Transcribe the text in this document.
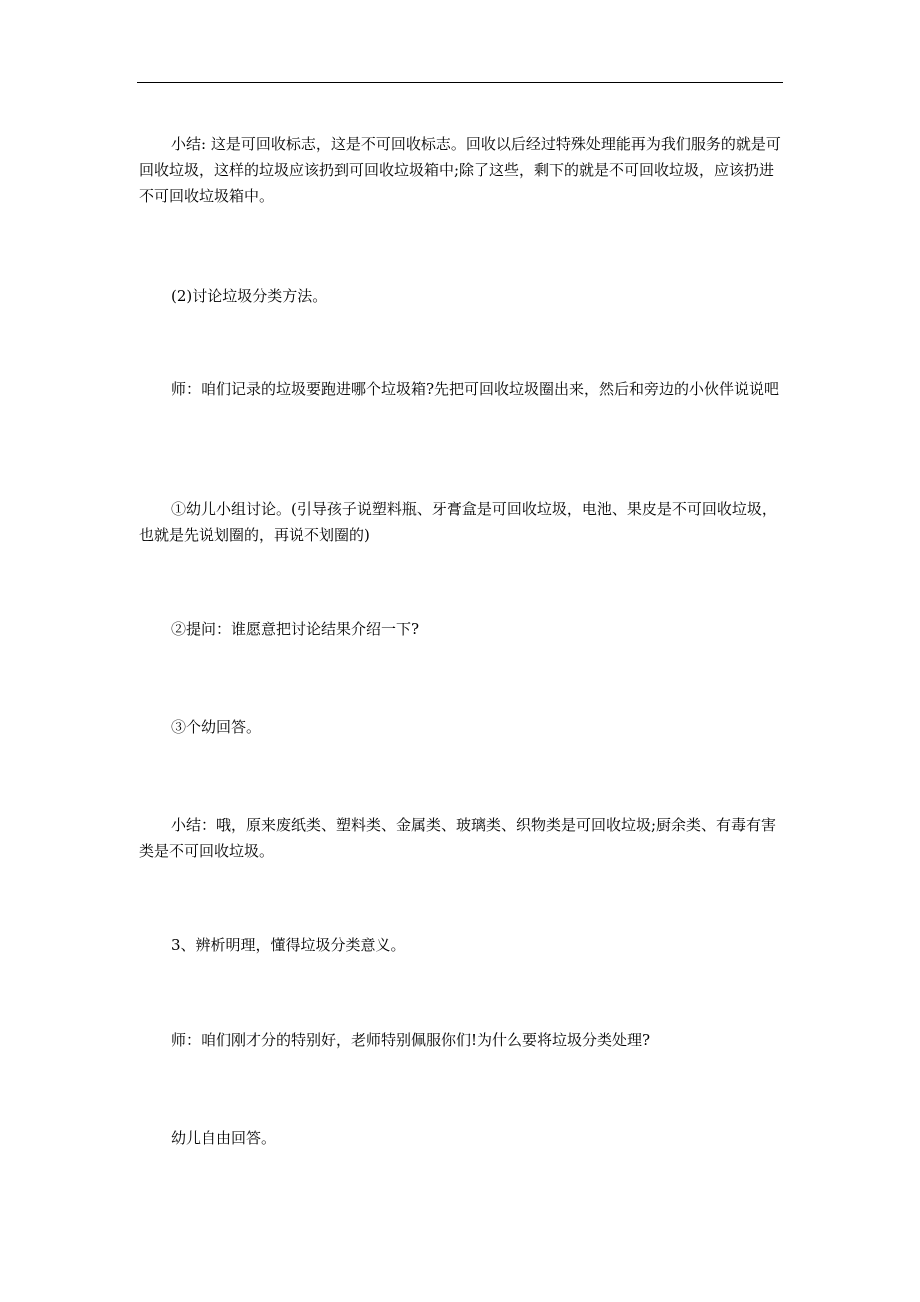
小结: 这是可回收标志，这是不可回收标志。回收以后经过特殊处理能再为我们服务的就是可回收垃圾，这样的垃圾应该扔到可回收垃圾箱中;除了这些，剩下的就是不可回收垃圾，应该扔进不可回收垃圾箱中。

(2)讨论垃圾分类方法。

师：咱们记录的垃圾要跑进哪个垃圾箱?先把可回收垃圾圈出来，然后和旁边的小伙伴说说吧

①幼儿小组讨论。(引导孩子说塑料瓶、牙膏盒是可回收垃圾，电池、果皮是不可回收垃圾，也就是先说划圈的，再说不划圈的)

②提问：谁愿意把讨论结果介绍一下?

③个幼回答。

小结：哦，原来废纸类、塑料类、金属类、玻璃类、织物类是可回收垃圾;厨余类、有毒有害类是不可回收垃圾。

3、辨析明理，懂得垃圾分类意义。

师：咱们刚才分的特别好，老师特别佩服你们!为什么要将垃圾分类处理?

幼儿自由回答。
